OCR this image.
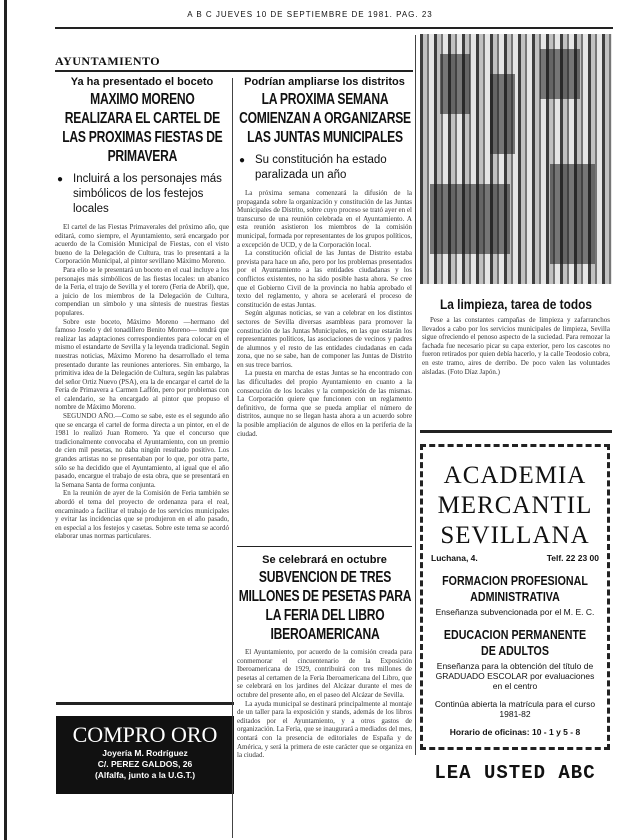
A B C JUEVES 10 DE SEPTIEMBRE DE 1981. PAG. 23
AYUNTAMIENTO
Ya ha presentado el boceto
MAXIMO MORENO REALIZARA EL CARTEL DE LAS PROXIMAS FIESTAS DE PRIMAVERA
● Incluirá a los personajes más simbólicos de los festejos locales

El cartel de las Fiestas Primaverales del próximo año, que editará, como siempre, el Ayuntamiento, será encargado por acuerdo de la Comisión Municipal de Fiestas, con el visto bueno de la Delegación de Cultura, tras lo presentará a la Corporación Municipal, al pintor sevillano Máximo Moreno.

Para ello se le presentará un boceto en el cual incluye a los personajes más simbólicos de las fiestas locales: un abanico de la Feria, el trajo de Sevilla y el torero (Feria de Abril), que, a juicio de los miembros de la Delegación de Cultura, compendian un símbolo y una síntesis de nuestras fiestas populares.

Sobre este boceto, Máximo Moreno —hermano del famoso Joselo y del tonadillero Benito Moreno— tendrá que realizar las adaptaciones correspondientes para colocar en el mismo el estandarte de Sevilla y la leyenda tradicional. Según nuestras noticias, Máximo Moreno ha desarrollado el tema presentado durante las reuniones anteriores. Sin embargo, la primitiva idea de la Delegación de Cultura, según las palabras del señor Ortiz Nuevo (PSA), era la de encargar el cartel de la Feria de Primavera a Carmen Laffón, pero por problemas con el calendario, se ha encargado al pintor que propuso el nombre de Máximo Moreno.

SEGUNDO AÑO.—Como se sabe, este es el segundo año que se encarga el cartel de forma directa a un pintor, en el de 1981 lo realizó Juan Romero. Ya que el concurso que tradicionalmente convocaba el Ayuntamiento, con un premio de cien mil pesetas, no daba ningún resultado positivo. Los grandes artistas no se presentaban por lo que, por otra parte, sólo se ha decidido que el Ayuntamiento, al igual que el año pasado, encargue el trabajo de esta obra, que se presentará en la Semana Santa de forma conjunta.

En la reunión de ayer de la Comisión de Feria también se abordó el tema del proyecto de ordenanza para el real, encaminado a facilitar el trabajo de los servicios municipales y evitar las incidencias que se produjeron en el año pasado, en especial a los festejos y casetas. Sobre este tema se acordó elaborar unas normas particulares.

COMPRO ORO
Joyería M. Rodríguez
C/. PEREZ GALDOS, 26
(Alfalfa, junto a la U.G.T.)
Podrían ampliarse los distritos
LA PROXIMA SEMANA COMIENZAN A ORGANIZARSE LAS JUNTAS MUNICIPALES
● Su constitución ha estado paralizada un año

La próxima semana comenzará la difusión de la propaganda sobre la organización y constitución de las Juntas Municipales de Distrito, sobre cuyo proceso se trató ayer en el transcurso de una reunión celebrada en el Ayuntamiento. A esta reunión asistieron los miembros de la comisión municipal, formada por representantes de los grupos políticos, a excepción de UCD, y de la Corporación local.

La constitución oficial de las Juntas de Distrito estaba prevista para hace un año, pero por los problemas presentados por el Ayuntamiento a las entidades ciudadanas y los conflictos existentes, no ha sido posible hasta ahora. Se cree que el Gobierno Civil de la provincia no había aprobado el texto del reglamento, y ahora se acelerará el proceso de constitución de estas Juntas.

Según algunas noticias, se van a celebrar en los distintos sectores de Sevilla diversas asambleas para promover la constitución de las Juntas Municipales, en las que estarán los representantes políticos, las asociaciones de vecinos y padres de alumnos y el resto de las entidades ciudadanas en cada zona, que no se sabe, han de componer las Juntas de Distrito en sus trece barrios.

La puesta en marcha de estas Juntas se ha encontrado con las dificultades del propio Ayuntamiento en cuanto a la consecución de los locales y la composición de las mismas. La Corporación quiere que funcionen con un reglamento definitivo, de forma que se pueda ampliar el número de distritos, aunque no se llegan hasta ahora a un acuerdo sobre la posible ampliación de algunos de ellos en la periferia de la ciudad.

Se celebrará en octubre
SUBVENCION DE TRES MILLONES DE PESETAS PARA LA FERIA DEL LIBRO IBEROAMERICANA

El Ayuntamiento, por acuerdo de la comisión creada para conmemorar el cincuentenario de la Exposición Iberoamericana de 1929, contribuirá con tres millones de pesetas al certamen de la Feria Iberoamericana del Libro, que se celebrará en los jardines del Alcázar durante el mes de octubre del presente año, en el paseo del Alcázar de Sevilla.

La ayuda municipal se destinará principalmente al montaje de un taller para la exposición y stands, además de los libros editados por el Ayuntamiento, y a otros gastos de organización. La Feria, que se inaugurará a mediados del mes, contará con la presencia de editoriales de España y de América, y será la primera de este carácter que se organiza en la ciudad.

La limpieza, tarea de todos

Pese a las constantes campañas de limpieza y zafarranchos llevados a cabo por los servicios municipales de limpieza, Sevilla sigue ofreciendo el penoso aspecto de la suciedad. Para remozar la fachada fue necesario picar su capa exterior, pero los cascotes no fueron retirados por quien debía hacerlo, y la calle Teodosio cobra, en este tramo, aires de derribo. De poco valen las voluntades aisladas. (Foto Díaz Japón.)

ACADEMIA
MERCANTIL
SEVILLANA
Luchana, 4.	Telf. 22 23 00
FORMACION PROFESIONAL ADMINISTRATIVA
Enseñanza subvencionada por el M. E. C.
EDUCACION PERMANENTE DE ADULTOS
Enseñanza para la obtención del título de GRADUADO ESCOLAR por evaluaciones en el centro
Continúa abierta la matrícula para el curso 1981-82
Horario de oficinas: 10 - 1 y 5 - 8
LEA USTED ABC
